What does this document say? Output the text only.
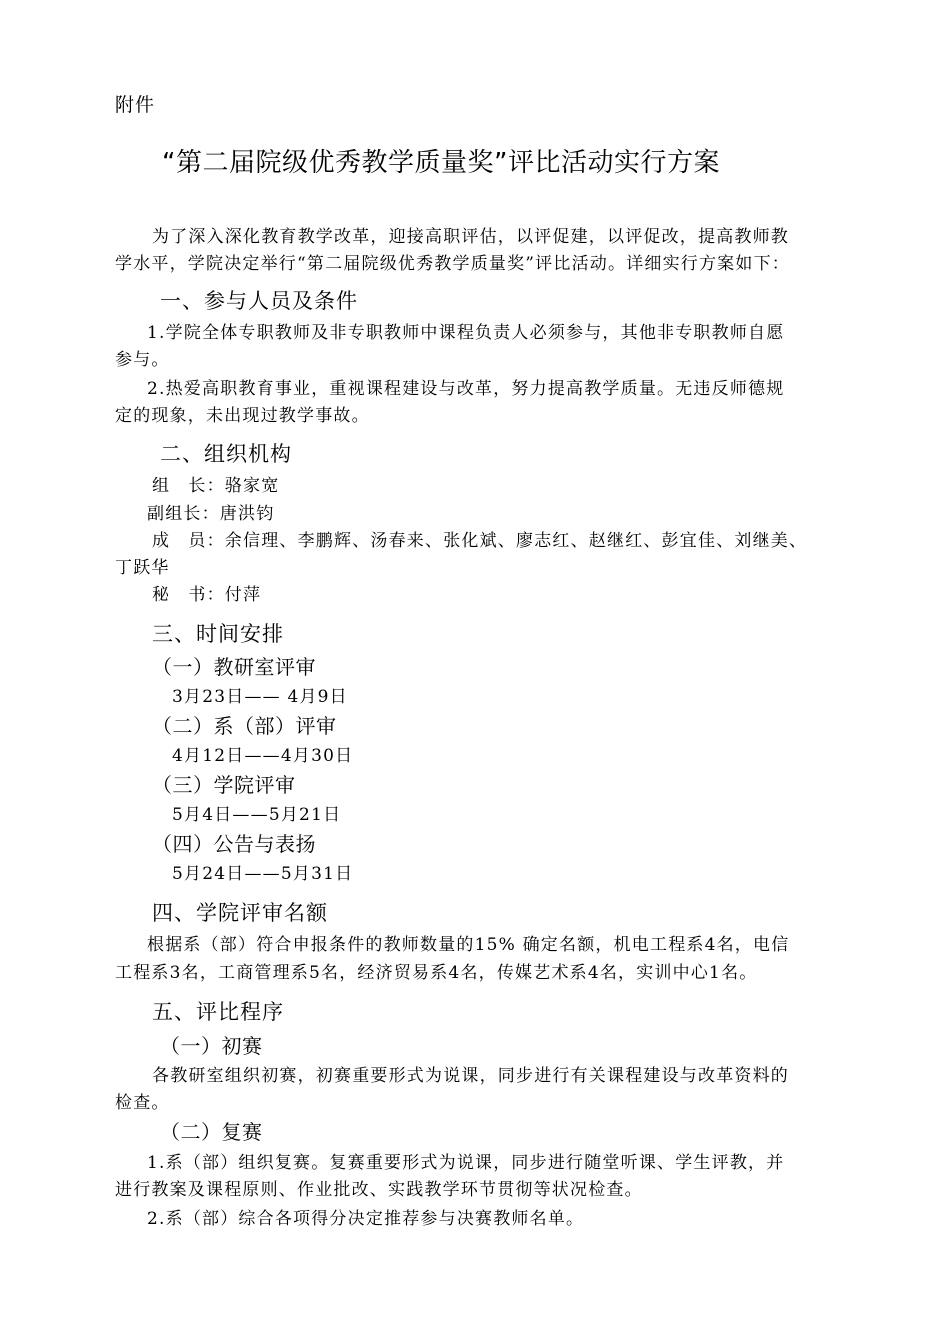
附件

“第二届院级优秀教学质量奖”评比活动实行方案

为了深入深化教育教学改革，迎接高职评估，以评促建，以评促改，提高教师教

学水平，学院决定举行“第二届院级优秀教学质量奖”评比活动。详细实行方案如下：

一、参与人员及条件

1.学院全体专职教师及非专职教师中课程负责人必须参与，其他非专职教师自愿

参与。

2.热爱高职教育事业，重视课程建设与改革，努力提高教学质量。无违反师德规

定的现象，未出现过教学事故。

二、组织机构

组　长：骆家宽

副组长：唐洪钧

成　员：余信理、李鹏辉、汤春来、张化斌、廖志红、赵继红、彭宜佳、刘继美、

丁跃华

秘　书：付萍

三、时间安排

（一）教研室评审

3月23日—— 4月9日

（二）系（部）评审

4月12日——4月30日

（三）学院评审

5月4日——5月21日

（四）公告与表扬

5月24日——5月31日

四、学院评审名额

根据系（部）符合申报条件的教师数量的15% 确定名额，机电工程系4名，电信

工程系3名，工商管理系5名，经济贸易系4名，传媒艺术系4名，实训中心1名。

五、评比程序

（一）初赛

各教研室组织初赛，初赛重要形式为说课，同步进行有关课程建设与改革资料的

检查。

（二）复赛

1.系（部）组织复赛。复赛重要形式为说课，同步进行随堂听课、学生评教，并

进行教案及课程原则、作业批改、实践教学环节贯彻等状况检查。

2.系（部）综合各项得分决定推荐参与决赛教师名单。
